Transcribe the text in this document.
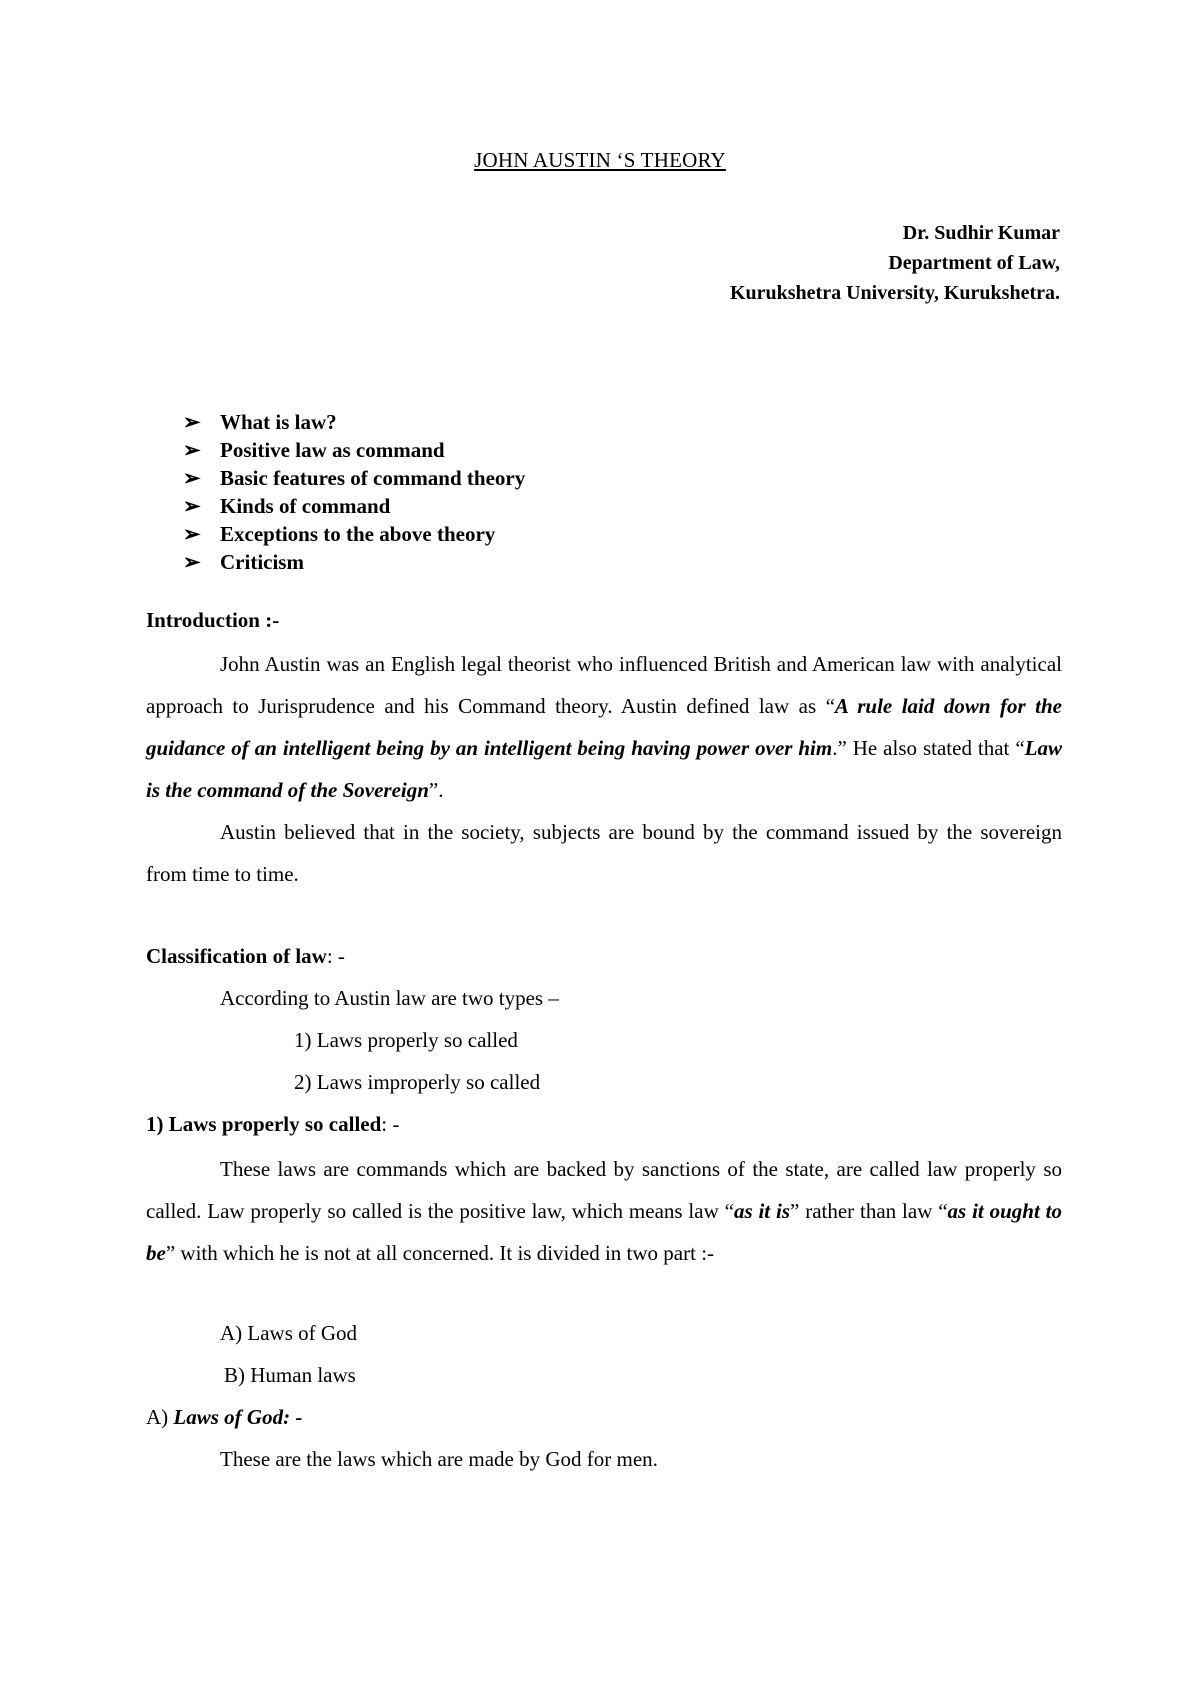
JOHN AUSTIN ‘S THEORY
Dr. Sudhir Kumar
Department of Law,
Kurukshetra University, Kurukshetra.
➢ What is law?
➢ Positive law as command
➢ Basic features of command theory
➢ Kinds of command
➢ Exceptions to the above theory
➢ Criticism
Introduction :-
John Austin was an English legal theorist who influenced British and American law with analytical approach to Jurisprudence and his Command theory. Austin defined law as “A rule laid down for the guidance of an intelligent being by an intelligent being having power over him.” He also stated that “Law is the command of the Sovereign”.
Austin believed that in the society, subjects are bound by the command issued by the sovereign from time to time.
Classification of law: -
According to Austin law are two types –
1) Laws properly so called
2) Laws improperly so called
1) Laws properly so called: -
These laws are commands which are backed by sanctions of the state, are called law properly so called. Law properly so called is the positive law, which means law “as it is” rather than law “as it ought to be” with which he is not at all concerned. It is divided in two part :-
A) Laws of God
B) Human laws
A) Laws of God: -
These are the laws which are made by God for men.
